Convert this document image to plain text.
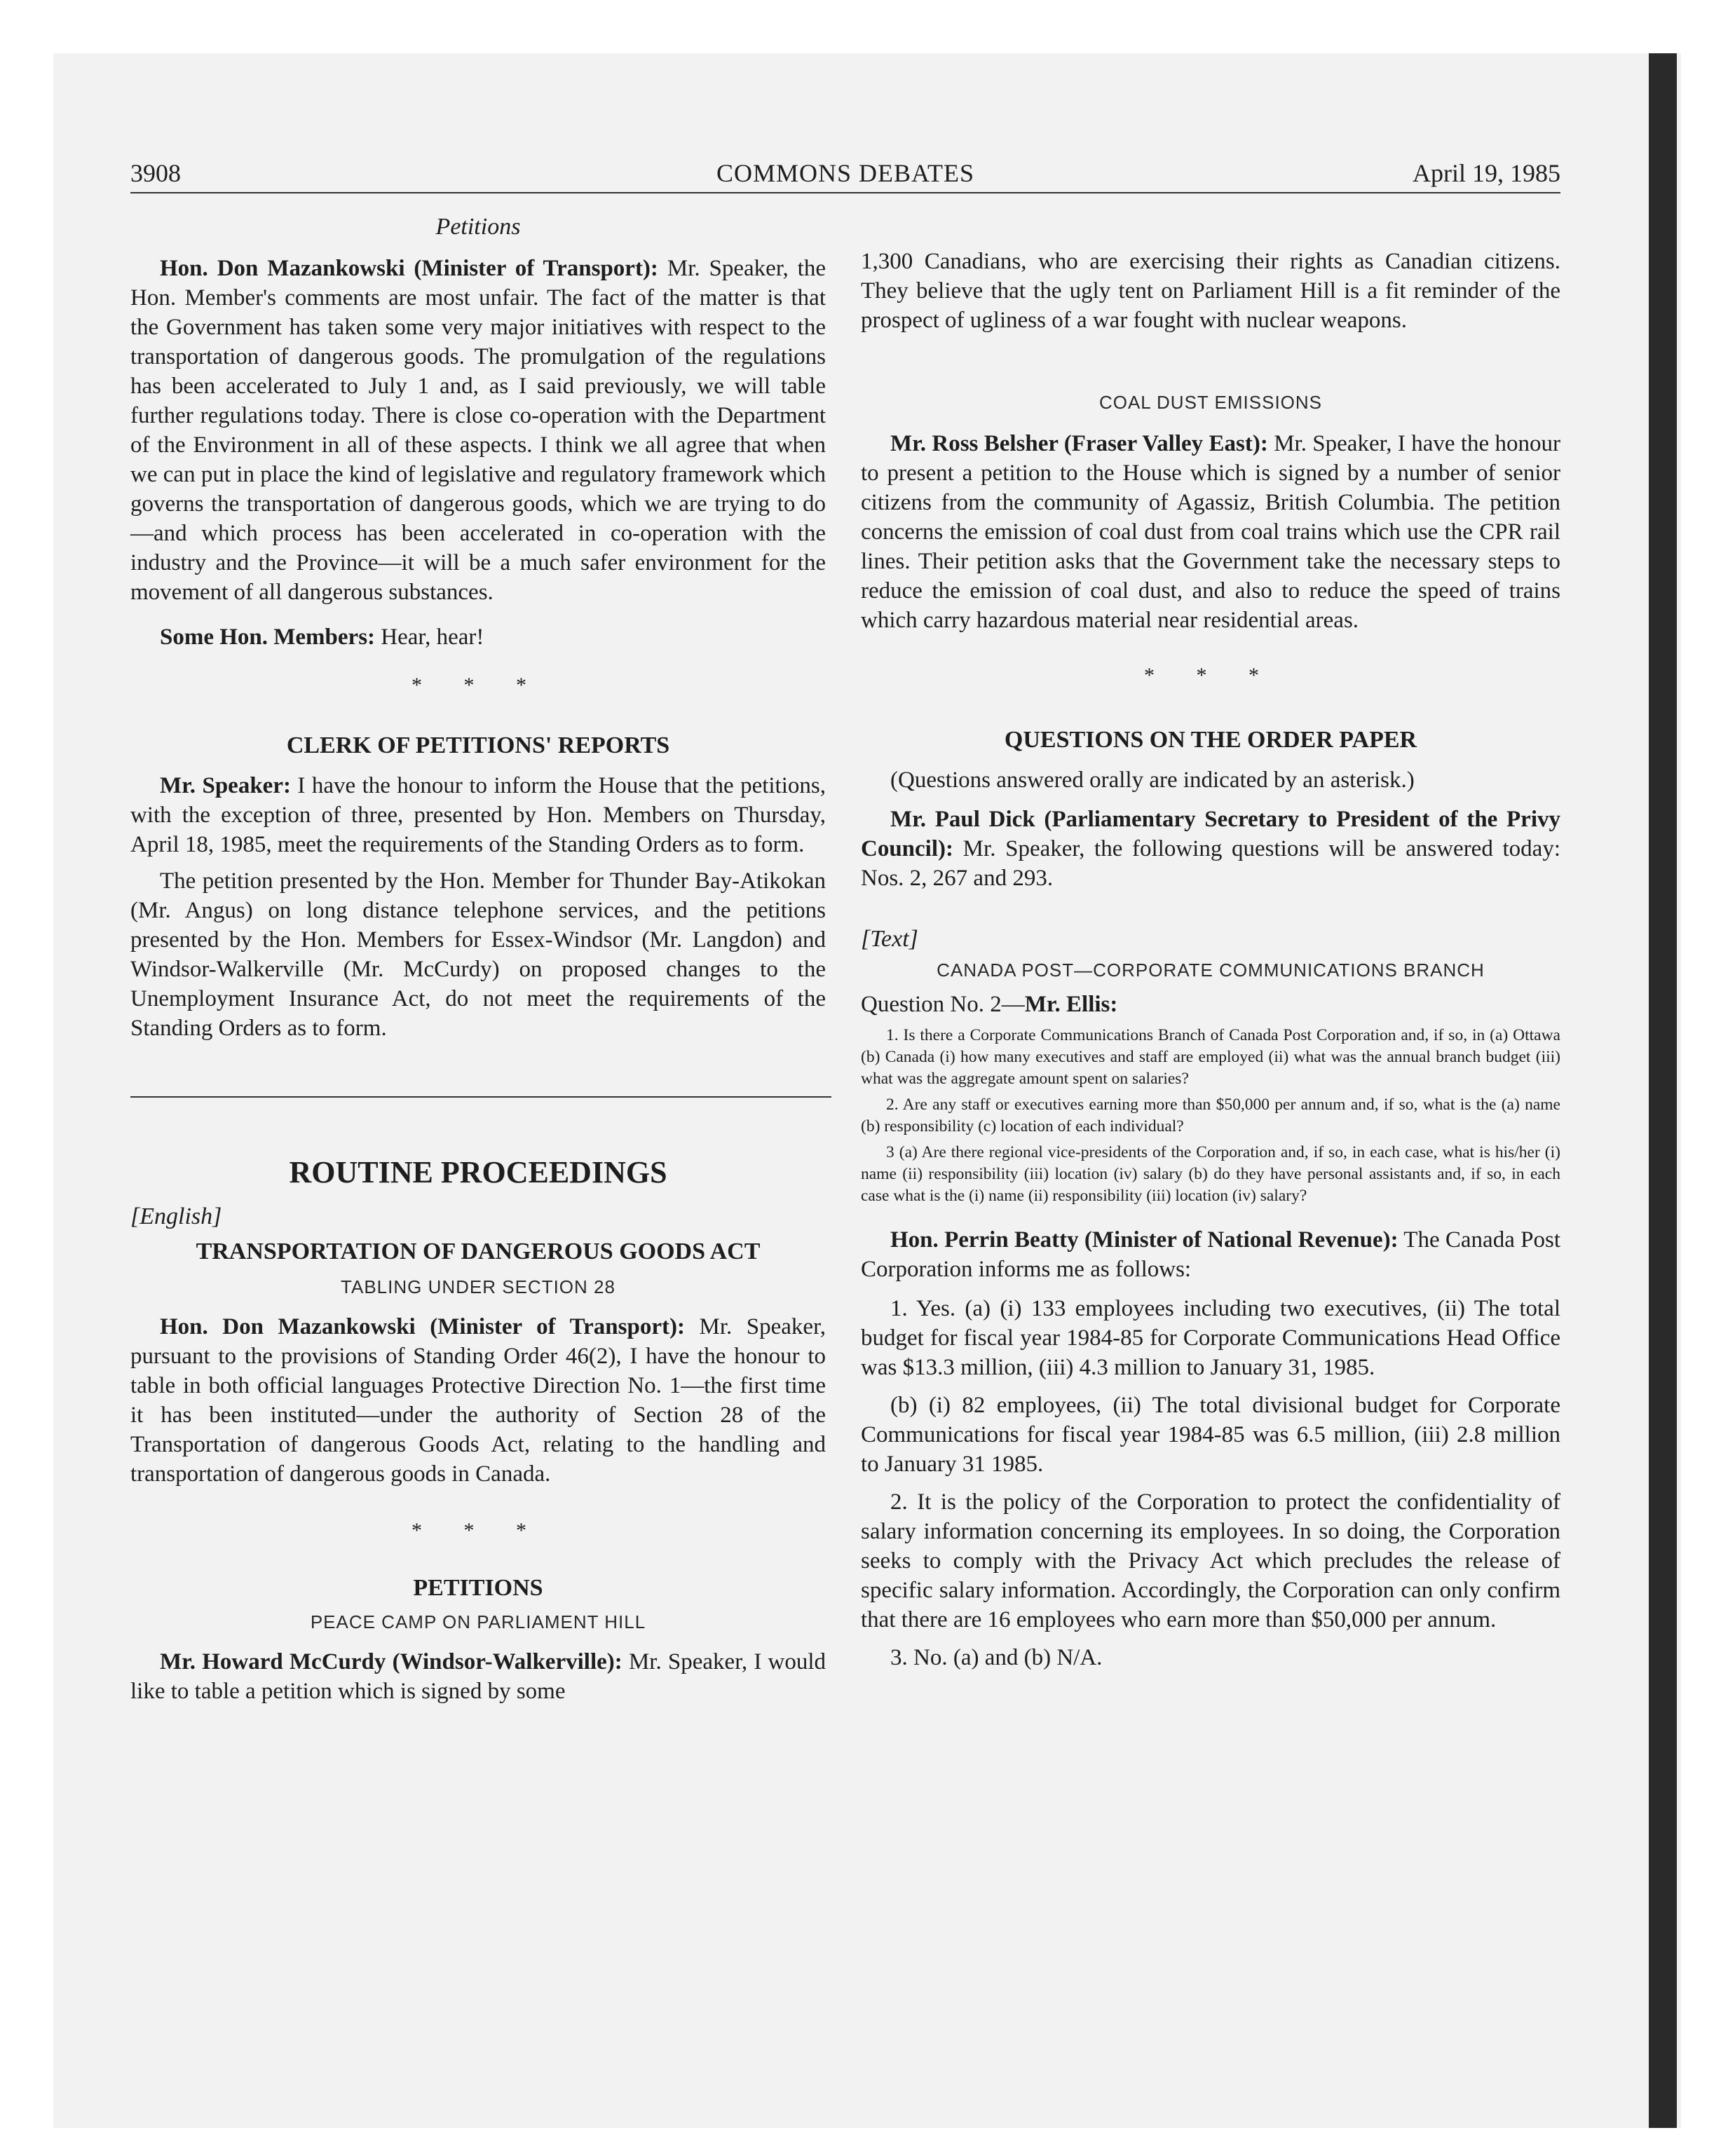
3908	COMMONS DEBATES	April 19, 1985
Petitions

Hon. Don Mazankowski (Minister of Transport): Mr. Speaker, the Hon. Member's comments are most unfair. The fact of the matter is that the Government has taken some very major initiatives with respect to the transportation of dangerous goods. The promulgation of the regulations has been accelerated to July 1 and, as I said previously, we will table further regulations today. There is close co-operation with the Department of the Environment in all of these aspects. I think we all agree that when we can put in place the kind of legislative and regulatory framework which governs the transportation of dangerous goods, which we are trying to do—and which process has been accelerated in co-operation with the industry and the Province—it will be a much safer environment for the movement of all dangerous substances.

Some Hon. Members: Hear, hear!

* * *
CLERK OF PETITIONS' REPORTS

Mr. Speaker: I have the honour to inform the House that the petitions, with the exception of three, presented by Hon. Members on Thursday, April 18, 1985, meet the requirements of the Standing Orders as to form.

The petition presented by the Hon. Member for Thunder Bay-Atikokan (Mr. Angus) on long distance telephone services, and the petitions presented by the Hon. Members for Essex-Windsor (Mr. Langdon) and Windsor-Walkerville (Mr. McCurdy) on proposed changes to the Unemployment Insurance Act, do not meet the requirements of the Standing Orders as to form.

ROUTINE PROCEEDINGS
[English]
TRANSPORTATION OF DANGEROUS GOODS ACT
TABLING UNDER SECTION 28

Hon. Don Mazankowski (Minister of Transport): Mr. Speaker, pursuant to the provisions of Standing Order 46(2), I have the honour to table in both official languages Protective Direction No. 1—the first time it has been instituted—under the authority of Section 28 of the Transportation of dangerous Goods Act, relating to the handling and transportation of dangerous goods in Canada.

* * *
PETITIONS
PEACE CAMP ON PARLIAMENT HILL

Mr. Howard McCurdy (Windsor-Walkerville): Mr. Speaker, I would like to table a petition which is signed by some

1,300 Canadians, who are exercising their rights as Canadian citizens. They believe that the ugly tent on Parliament Hill is a fit reminder of the prospect of ugliness of a war fought with nuclear weapons.

COAL DUST EMISSIONS

Mr. Ross Belsher (Fraser Valley East): Mr. Speaker, I have the honour to present a petition to the House which is signed by a number of senior citizens from the community of Agassiz, British Columbia. The petition concerns the emission of coal dust from coal trains which use the CPR rail lines. Their petition asks that the Government take the necessary steps to reduce the emission of coal dust, and also to reduce the speed of trains which carry hazardous material near residential areas.

* * *
QUESTIONS ON THE ORDER PAPER

(Questions answered orally are indicated by an asterisk.)

Mr. Paul Dick (Parliamentary Secretary to President of the Privy Council): Mr. Speaker, the following questions will be answered today: Nos. 2, 267 and 293.

[Text]
CANADA POST—CORPORATE COMMUNICATIONS BRANCH

Question No. 2—Mr. Ellis:

1. Is there a Corporate Communications Branch of Canada Post Corporation and, if so, in (a) Ottawa (b) Canada (i) how many executives and staff are employed (ii) what was the annual branch budget (iii) what was the aggregate amount spent on salaries?

2. Are any staff or executives earning more than $50,000 per annum and, if so, what is the (a) name (b) responsibility (c) location of each individual?

3 (a) Are there regional vice-presidents of the Corporation and, if so, in each case, what is his/her (i) name (ii) responsibility (iii) location (iv) salary (b) do they have personal assistants and, if so, in each case what is the (i) name (ii) responsibility (iii) location (iv) salary?

Hon. Perrin Beatty (Minister of National Revenue): The Canada Post Corporation informs me as follows:

1. Yes. (a) (i) 133 employees including two executives, (ii) The total budget for fiscal year 1984-85 for Corporate Communications Head Office was $13.3 million, (iii) 4.3 million to January 31, 1985.

(b) (i) 82 employees, (ii) The total divisional budget for Corporate Communications for fiscal year 1984-85 was 6.5 million, (iii) 2.8 million to January 31 1985.

2. It is the policy of the Corporation to protect the confidentiality of salary information concerning its employees. In so doing, the Corporation seeks to comply with the Privacy Act which precludes the release of specific salary information. Accordingly, the Corporation can only confirm that there are 16 employees who earn more than $50,000 per annum.

3. No. (a) and (b) N/A.
